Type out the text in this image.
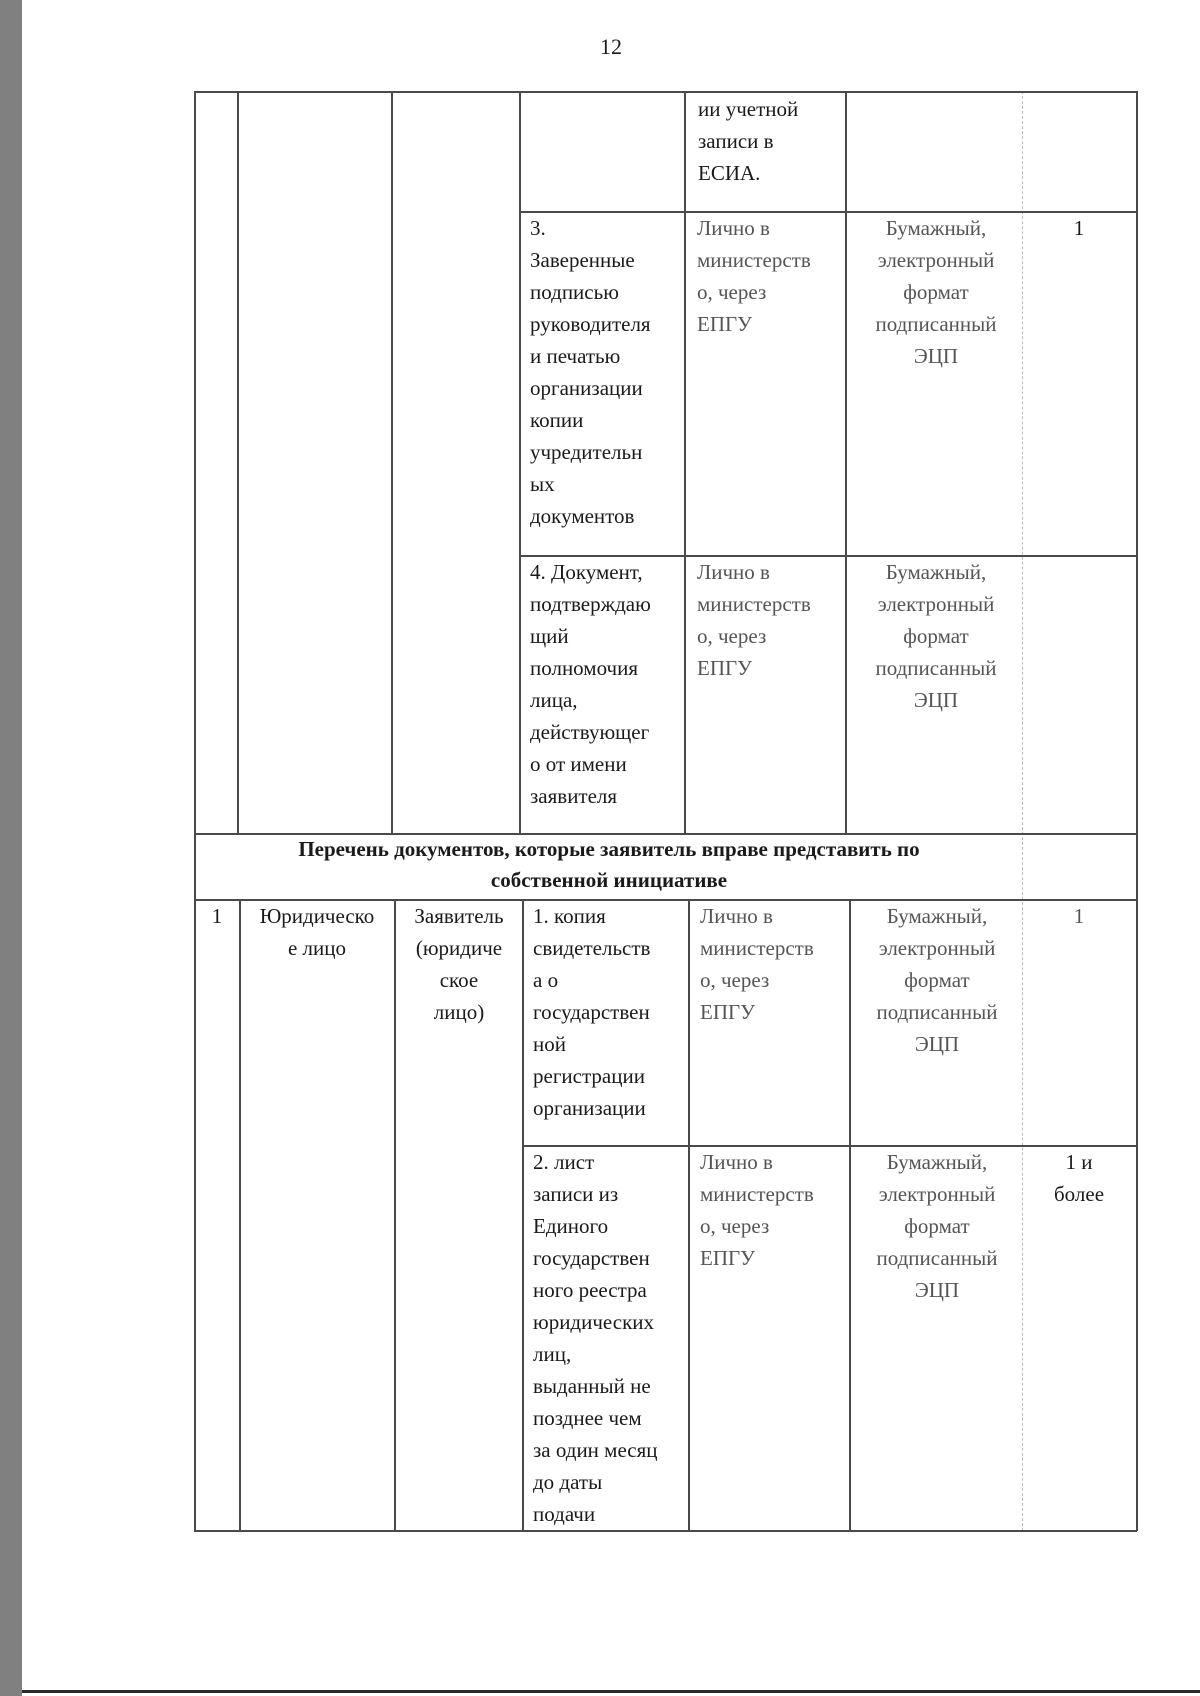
12
ии учетной
записи в
ЕСИА.
3.
Заверенные
подписью
руководителя
и печатью
организации
копии
учредительн
ых
документов
Лично в
министерств
о, через
ЕПГУ
Бумажный,
электронный
формат
подписанный
ЭЦП
1
4. Документ,
подтверждаю
щий
полномочия
лица,
действующег
о от имени
заявителя
Лично в
министерств
о, через
ЕПГУ
Бумажный,
электронный
формат
подписанный
ЭЦП
Перечень документов, которые заявитель вправе представить по
собственной инициативе
1	Юридическо
е лицо
Заявитель
(юридиче
ское
лицо)
1. копия
свидетельств
а о
государствен
ной
регистрации
организации
Лично в
министерств
о, через
ЕПГУ
Бумажный,
электронный
формат
подписанный
ЭЦП
1
2. лист
записи из
Единого
государствен
ного реестра
юридических
лиц,
выданный не
позднее чем
за один месяц
до даты
подачи
Лично в
министерств
о, через
ЕПГУ
Бумажный,
электронный
формат
подписанный
ЭЦП
1 и
более
